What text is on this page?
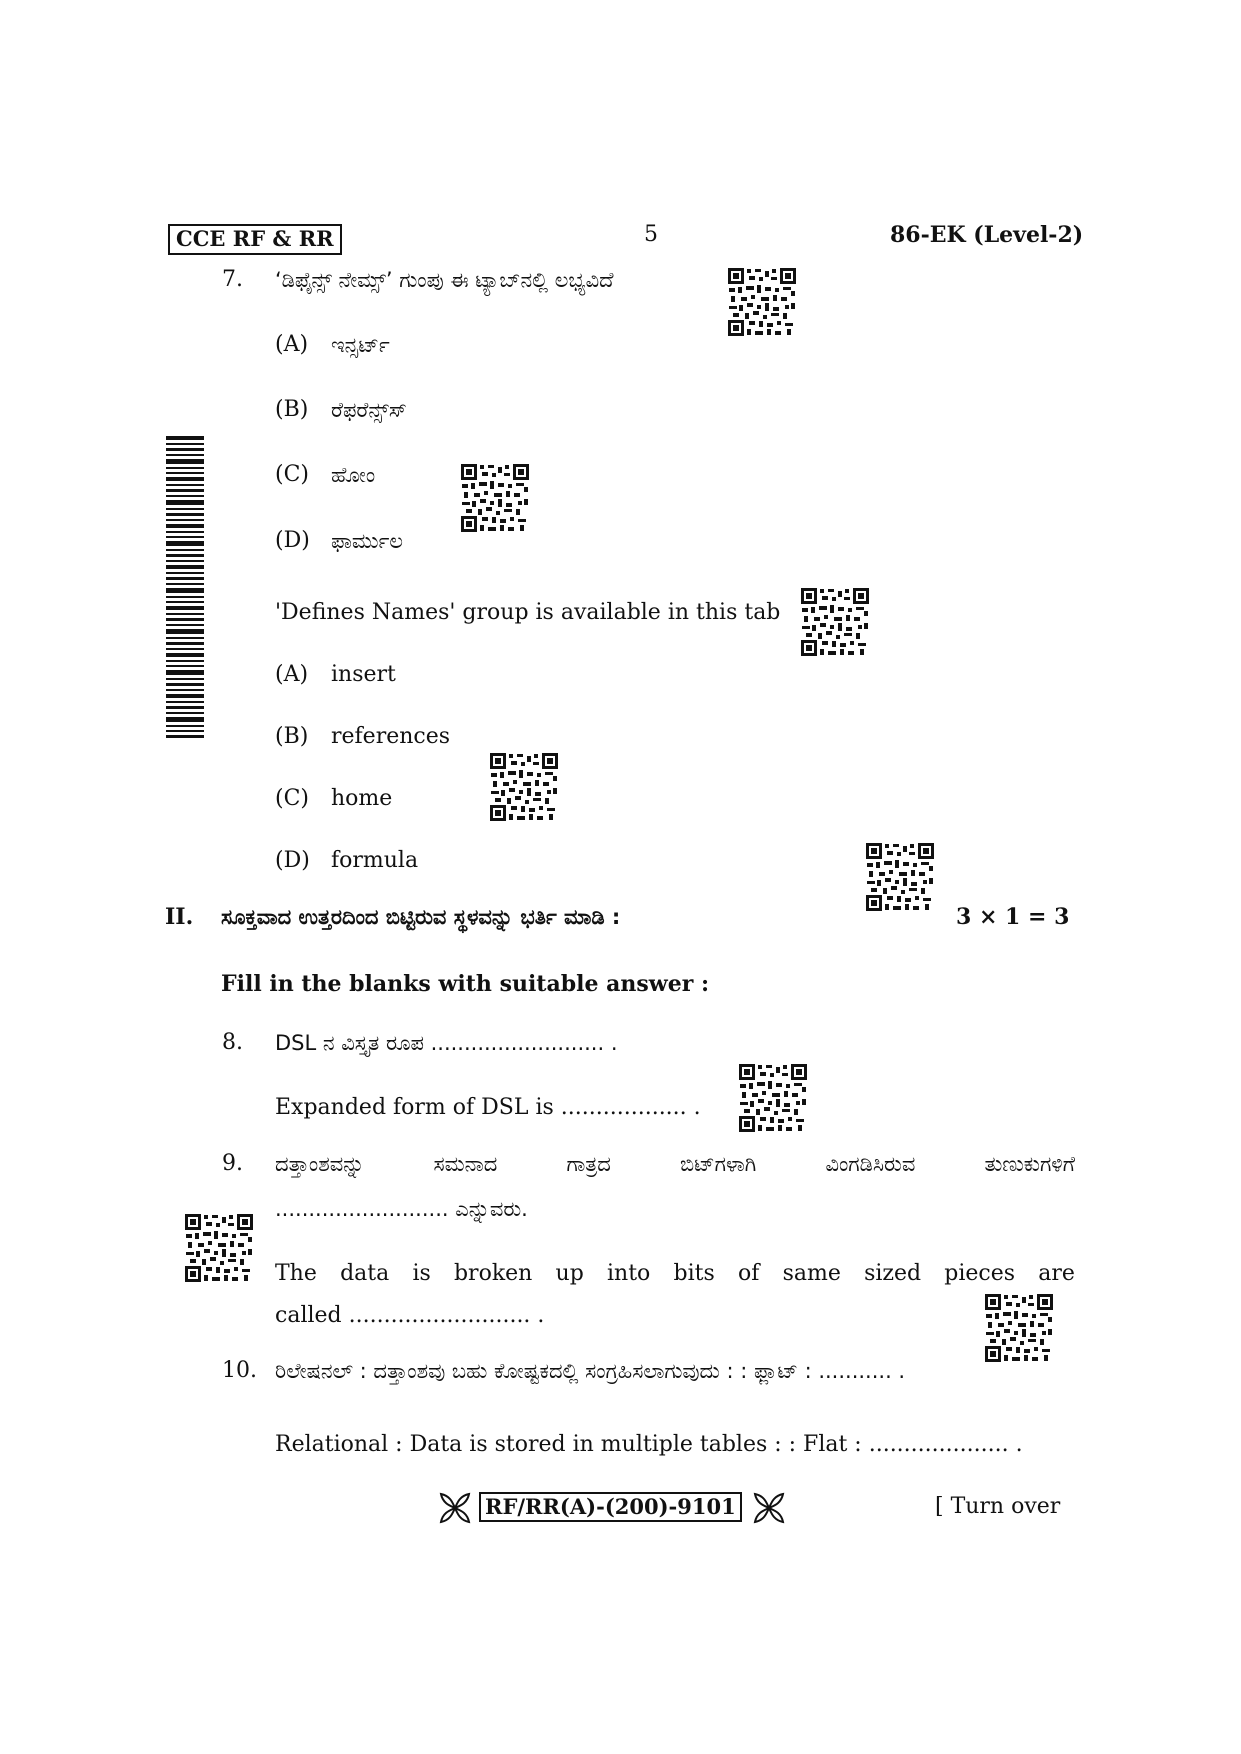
CCE RF & RR	5	86-EK (Level-2)
7. ‘ಡಿಫೈನ್ಸ್ ನೇಮ್ಸ್’ ಗುಂಪು ಈ ಟ್ಯಾಬ್‌ನಲ್ಲಿ ಲಭ್ಯವಿದೆ
(A) ಇನ್ಸರ್ಟ್
(B) ರೆಫರೆನ್ಸ್‌ಸ್
(C) ಹೋಂ
(D) ಫಾರ್ಮುಲ
'Defines Names' group is available in this tab
(A) insert
(B) references
(C) home
(D) formula
II. ಸೂಕ್ತವಾದ ಉತ್ತರದಿಂದ ಬಿಟ್ಟಿರುವ ಸ್ಥಳವನ್ನು ಭರ್ತಿ ಮಾಡಿ :	3 × 1 = 3
Fill in the blanks with suitable answer :
8. DSL ನ ವಿಸ್ತೃತ ರೂಪ .......................... .
Expanded form of DSL is .................. .
9. ದತ್ತಾಂಶವನ್ನು	ಸಮನಾದ	ಗಾತ್ರದ	ಬಿಟ್‌ಗಳಾಗಿ	ವಿಂಗಡಿಸಿರುವ	ತುಣುಕುಗಳಿಗೆ
.......................... ಎನ್ನುವರು.
The data is broken up into bits of same sized pieces are
called .......................... .
10. ರಿಲೇಷನಲ್ : ದತ್ತಾಂಶವು ಬಹು ಕೋಷ್ಟಕದಲ್ಲಿ ಸಂಗ್ರಹಿಸಲಾಗುವುದು : : ಫ್ಲಾಟ್ : ........... .
Relational : Data is stored in multiple tables : : Flat : .................... .
RF/RR(A)-(200)-9101	[ Turn over
